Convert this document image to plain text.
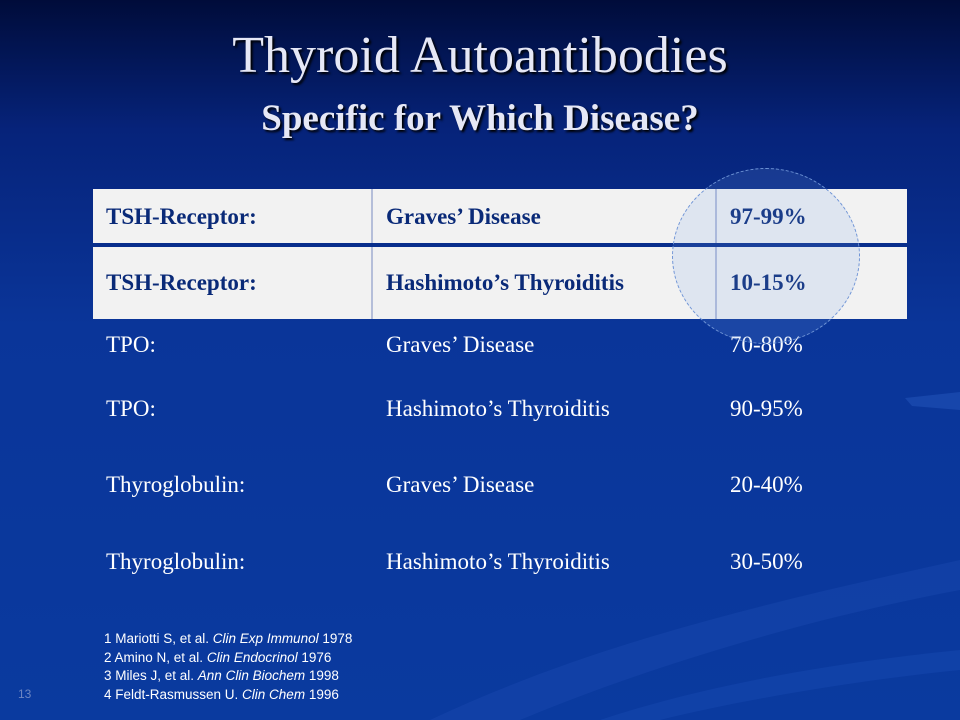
Thyroid Autoantibodies
Specific for Which Disease?
TSH-Receptor:	Graves’ Disease	97-99%
TSH-Receptor:	Hashimoto’s Thyroiditis	10-15%
TPO:	Graves’ Disease	70-80%
TPO:	Hashimoto’s Thyroiditis	90-95%
Thyroglobulin:	Graves’ Disease	20-40%
Thyroglobulin:	Hashimoto’s Thyroiditis	30-50%
1 Mariotti S, et al. Clin Exp Immunol 1978
2 Amino N, et al. Clin Endocrinol 1976
3 Miles J, et al. Ann Clin Biochem 1998
4 Feldt-Rasmussen U. Clin Chem 1996
13
